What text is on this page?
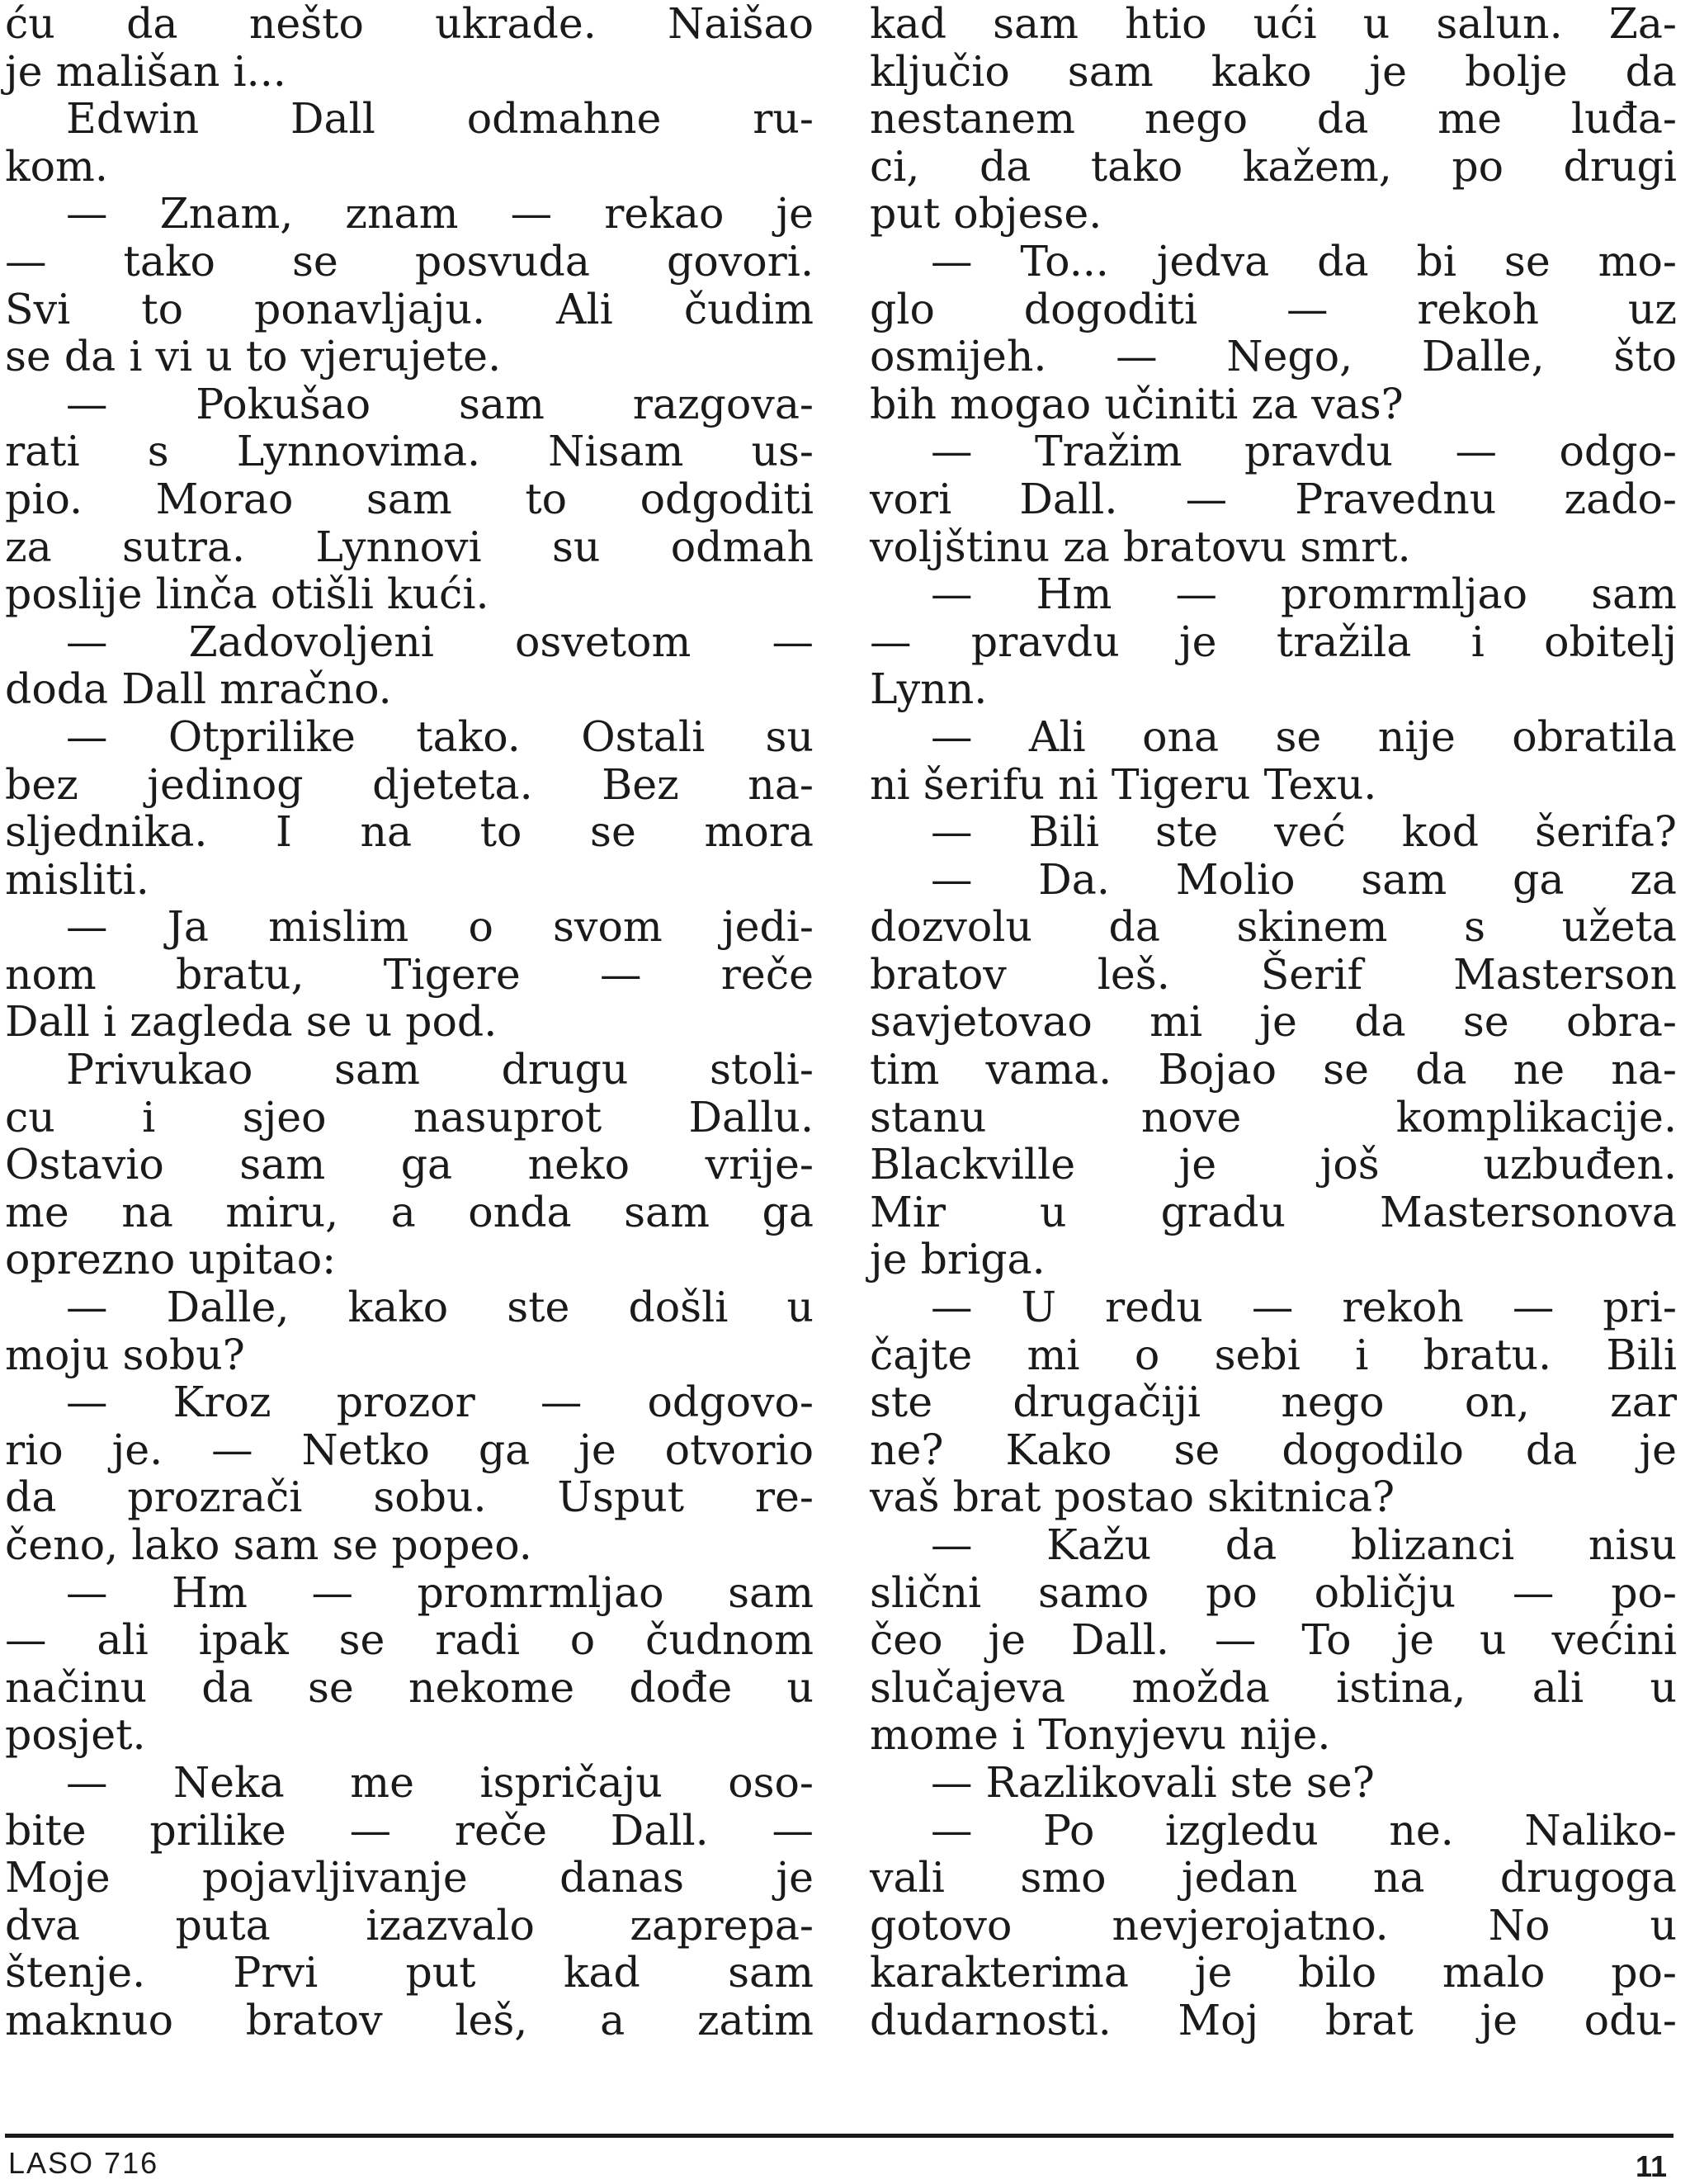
ću da nešto ukrade. Naišao
je mališan i...
Edwin Dall odmahne ru-
kom.
— Znam, znam — rekao je
— tako se posvuda govori.
Svi to ponavljaju. Ali čudim
se da i vi u to vjerujete.
— Pokušao sam razgova-
rati s Lynnovima. Nisam us-
pio. Morao sam to odgoditi
za sutra. Lynnovi su odmah
poslije linča otišli kući.
— Zadovoljeni osvetom —
doda Dall mračno.
— Otprilike tako. Ostali su
bez jedinog djeteta. Bez na-
sljednika. I na to se mora
misliti.
— Ja mislim o svom jedi-
nom bratu, Tigere — reče
Dall i zagleda se u pod.
Privukao sam drugu stoli-
cu i sjeo nasuprot Dallu.
Ostavio sam ga neko vrije-
me na miru, a onda sam ga
oprezno upitao:
— Dalle, kako ste došli u
moju sobu?
— Kroz prozor — odgovo-
rio je. — Netko ga je otvorio
da prozrači sobu. Usput re-
čeno, lako sam se popeo.
— Hm — promrmljao sam
— ali ipak se radi o čudnom
načinu da se nekome dođe u
posjet.
— Neka me ispričaju oso-
bite prilike — reče Dall. —
Moje pojavljivanje danas je
dva puta izazvalo zaprepa-
štenje. Prvi put kad sam
maknuo bratov leš, a zatim
kad sam htio ući u salun. Za-
ključio sam kako je bolje da
nestanem nego da me luđa-
ci, da tako kažem, po drugi
put objese.
— To... jedva da bi se mo-
glo dogoditi — rekoh uz
osmijeh. — Nego, Dalle, što
bih mogao učiniti za vas?
— Tražim pravdu — odgo-
vori Dall. — Pravednu zado-
voljštinu za bratovu smrt.
— Hm — promrmljao sam
— pravdu je tražila i obitelj
Lynn.
— Ali ona se nije obratila
ni šerifu ni Tigeru Texu.
— Bili ste već kod šerifa?
— Da. Molio sam ga za
dozvolu da skinem s užeta
bratov leš. Šerif Masterson
savjetovao mi je da se obra-
tim vama. Bojao se da ne na-
stanu nove komplikacije.
Blackville je još uzbuđen.
Mir u gradu Mastersonova
je briga.
— U redu — rekoh — pri-
čajte mi o sebi i bratu. Bili
ste drugačiji nego on, zar
ne? Kako se dogodilo da je
vaš brat postao skitnica?
— Kažu da blizanci nisu
slični samo po obličju — po-
čeo je Dall. — To je u većini
slučajeva možda istina, ali u
mome i Tonyjevu nije.
— Razlikovali ste se?
— Po izgledu ne. Naliko-
vali smo jedan na drugoga
gotovo nevjerojatno. No u
karakterima je bilo malo po-
dudarnosti. Moj brat je odu-
LASO 716	11
